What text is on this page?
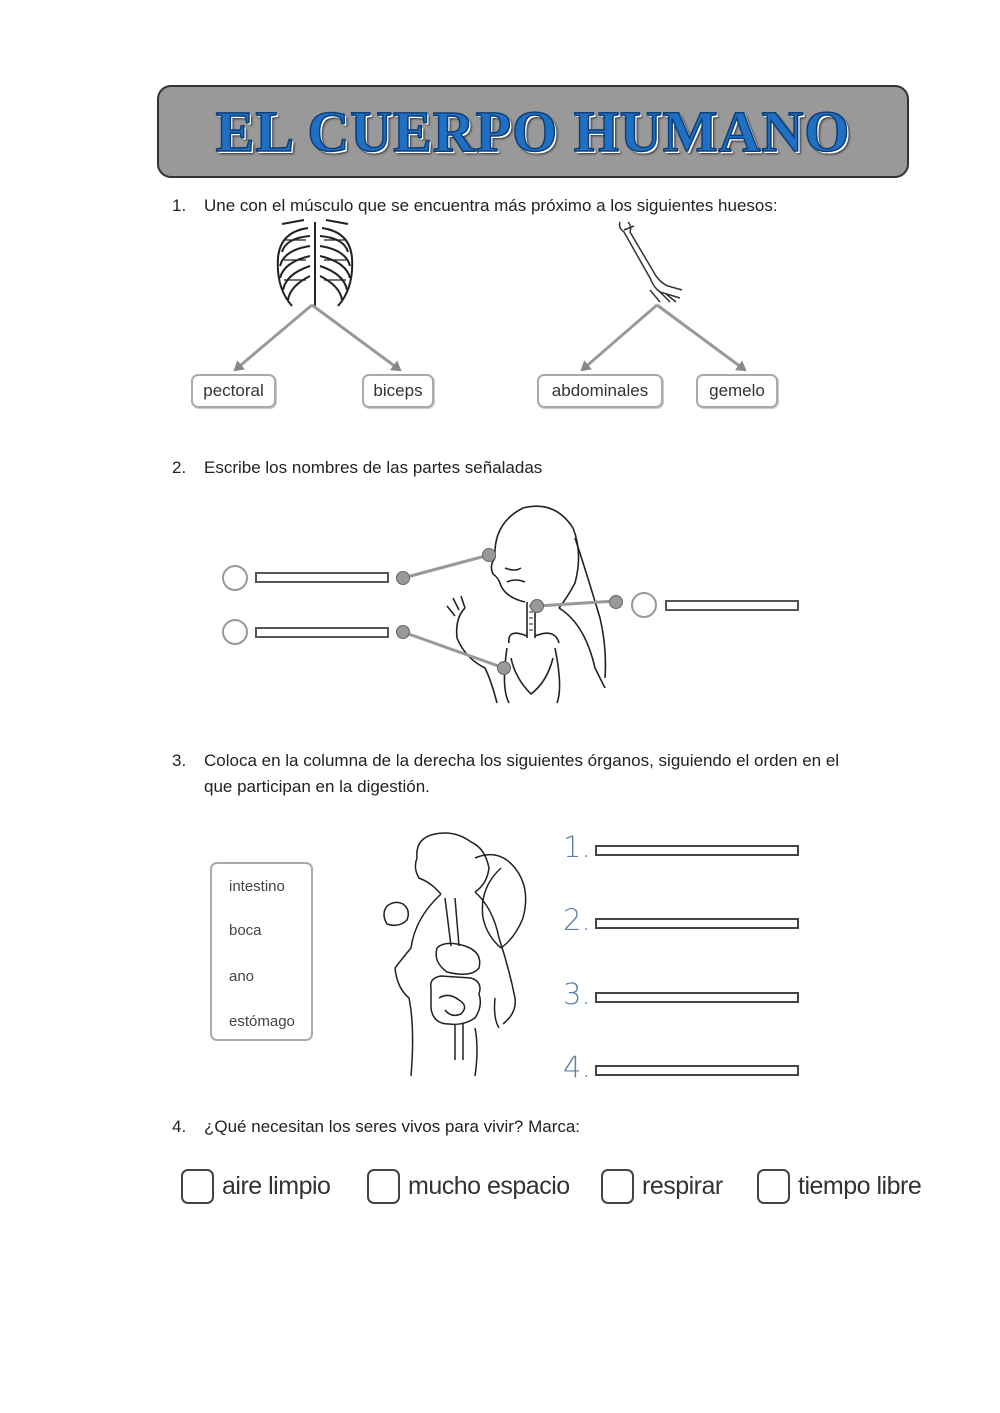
EL CUERPO HUMANO
1. Une con el músculo que se encuentra más próximo a los siguientes huesos:
pectoral	biceps	abdominales	gemelo
2. Escribe los nombres de las partes señaladas
3. Coloca en la columna de la derecha los siguientes órganos, siguiendo el orden en el
que participan en la digestión.
intestino
boca
ano
estómago
1.
2.
3.
4.
4. ¿Qué necesitan los seres vivos para vivir? Marca:
aire limpio	mucho espacio	respirar	tiempo libre
